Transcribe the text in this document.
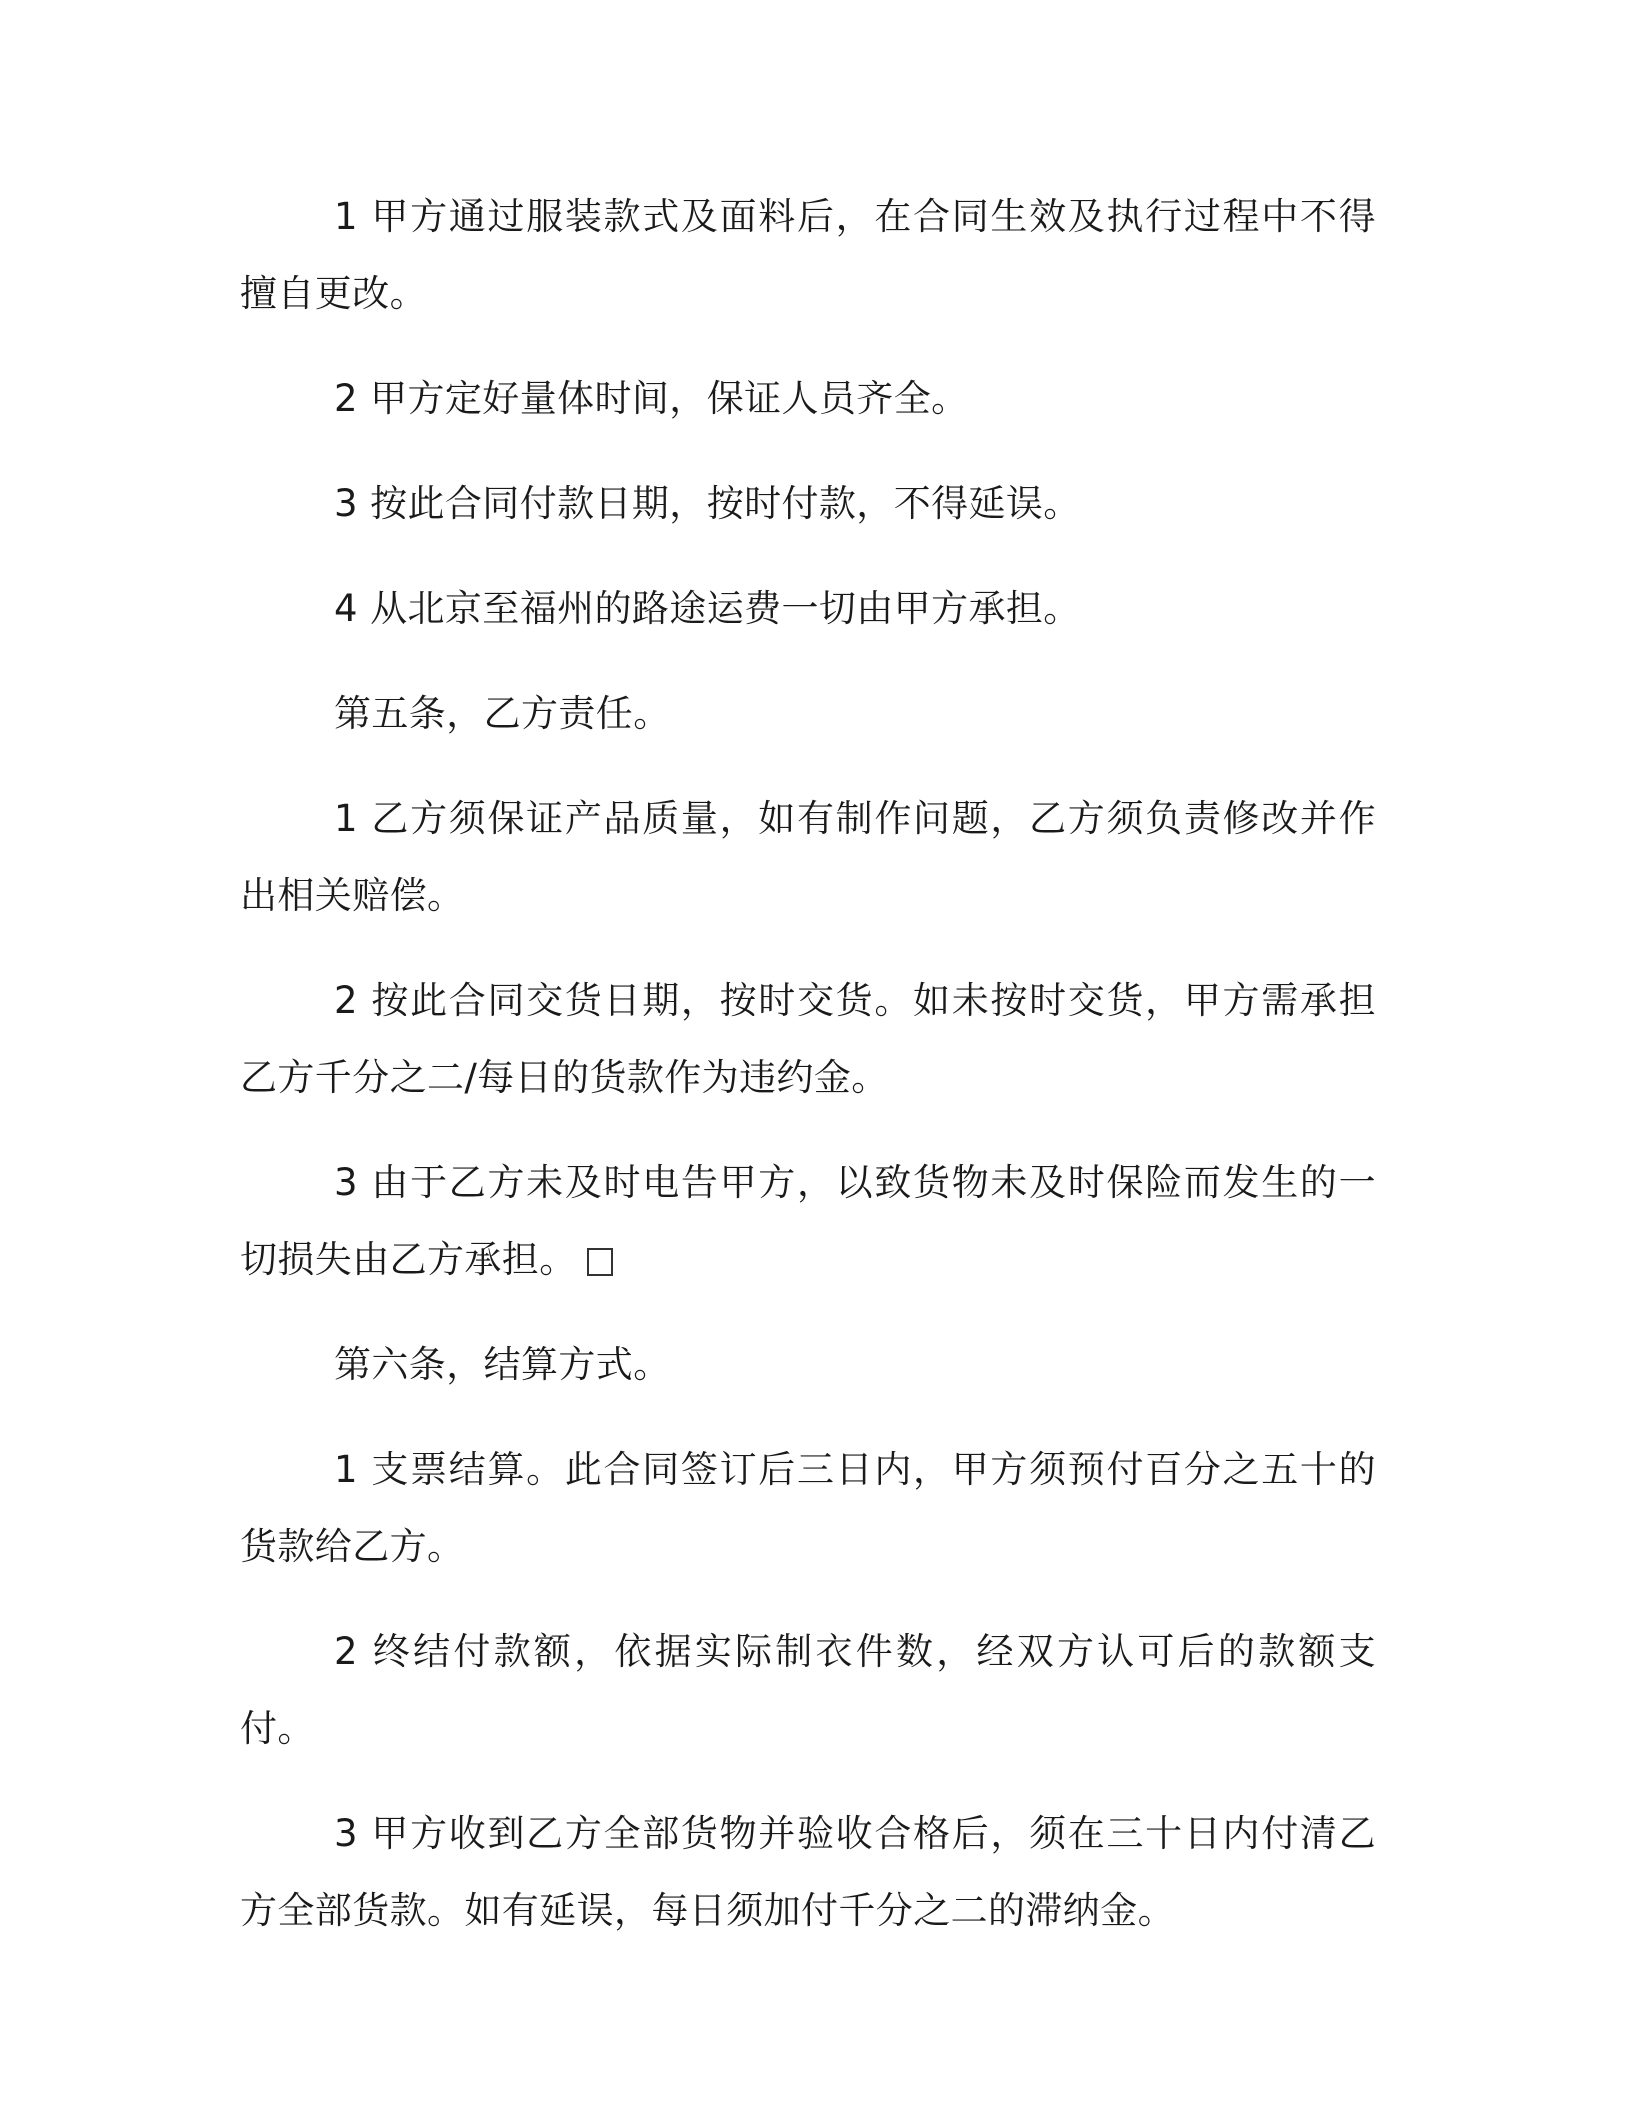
1 甲方通过服装款式及面料后，在合同生效及执行过程中不得擅自更改。

2 甲方定好量体时间，保证人员齐全。

3 按此合同付款日期，按时付款，不得延误。

4 从北京至福州的路途运费一切由甲方承担。

第五条，乙方责任。

1 乙方须保证产品质量，如有制作问题，乙方须负责修改并作出相关赔偿。

2 按此合同交货日期，按时交货。如未按时交货，甲方需承担乙方千分之二/每日的货款作为违约金。

3 由于乙方未及时电告甲方，以致货物未及时保险而发生的一切损失由乙方承担。

第六条，结算方式。

1 支票结算。此合同签订后三日内，甲方须预付百分之五十的货款给乙方。

2 终结付款额，依据实际制衣件数，经双方认可后的款额支付。

3 甲方收到乙方全部货物并验收合格后，须在三十日内付清乙方全部货款。如有延误，每日须加付千分之二的滞纳金。
